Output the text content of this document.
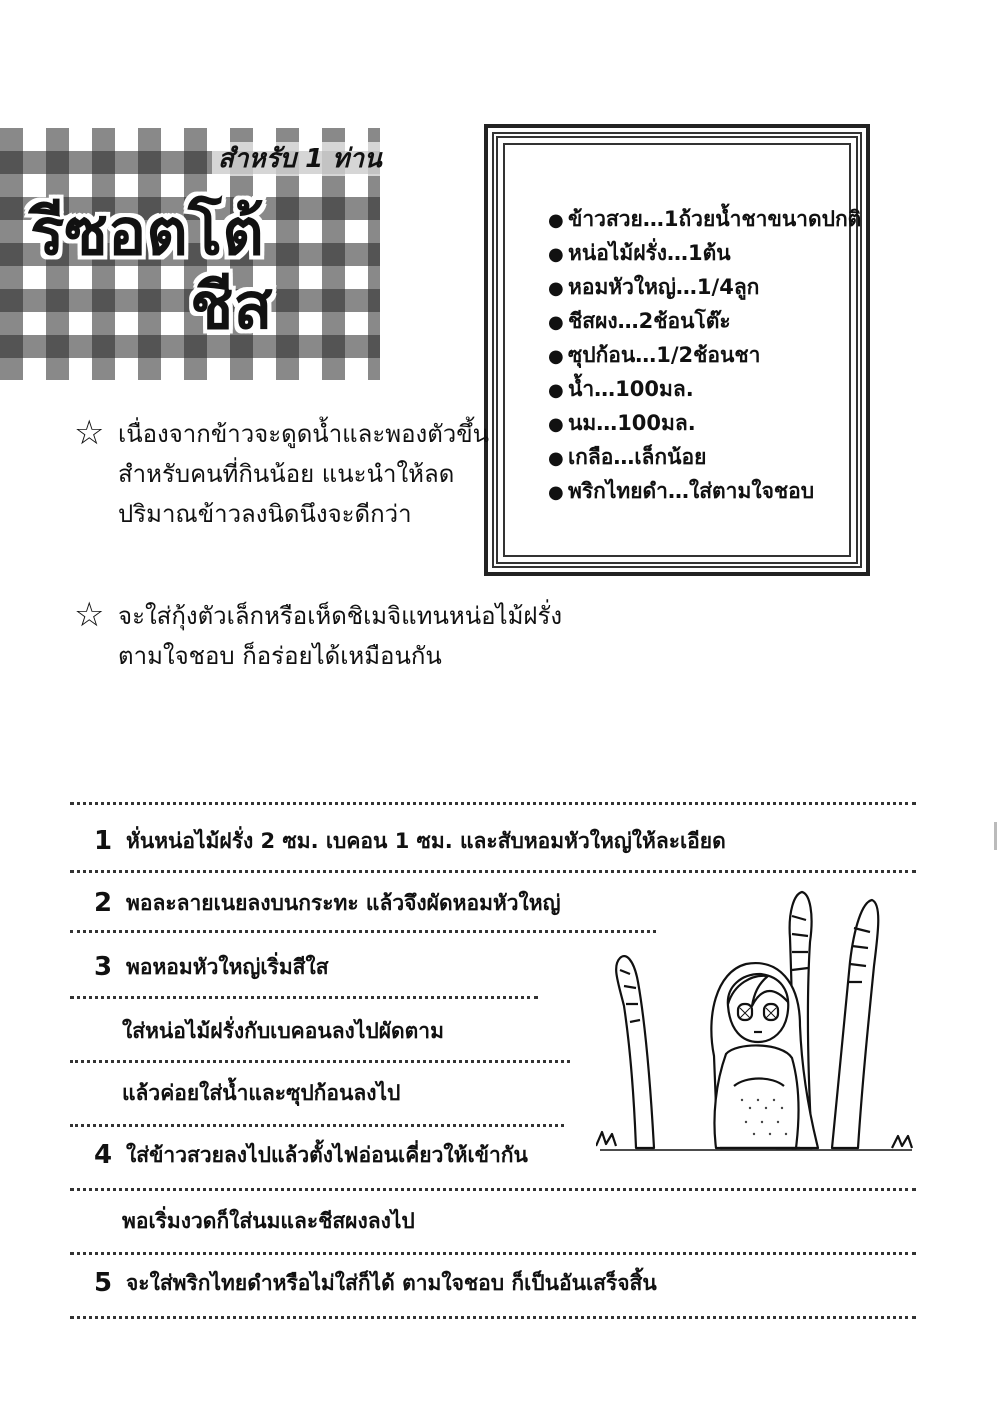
สำหรับ 1 ท่าน
รีซอตโต้
ชีส
● ข้าวสวย…1ถ้วยน้ำชาขนาดปกติ
● หน่อไม้ฝรั่ง…1ต้น
● หอมหัวใหญ่…1/4ลูก
● ชีสผง…2ช้อนโต๊ะ
● ซุปก้อน…1/2ช้อนชา
● น้ำ…100มล.
● นม…100มล.
● เกลือ…เล็กน้อย
● พริกไทยดำ…ใส่ตามใจชอบ
☆ เนื่องจากข้าวจะดูดน้ำและพองตัวขึ้น
สำหรับคนที่กินน้อย แนะนำให้ลด
ปริมาณข้าวลงนิดนึงจะดีกว่า
☆ จะใส่กุ้งตัวเล็กหรือเห็ดชิเมจิแทนหน่อไม้ฝรั่ง
ตามใจชอบ ก็อร่อยได้เหมือนกัน
1 หั่นหน่อไม้ฝรั่ง 2 ซม. เบคอน 1 ซม. และสับหอมหัวใหญ่ให้ละเอียด
2 พอละลายเนยลงบนกระทะ แล้วจึงผัดหอมหัวใหญ่
3 พอหอมหัวใหญ่เริ่มสีใส
ใส่หน่อไม้ฝรั่งกับเบคอนลงไปผัดตาม
แล้วค่อยใส่น้ำและซุปก้อนลงไป
4 ใส่ข้าวสวยลงไปแล้วตั้งไฟอ่อนเคี่ยวให้เข้ากัน
พอเริ่มงวดก็ใส่นมและชีสผงลงไป
5 จะใส่พริกไทยดำหรือไม่ใส่ก็ได้ ตามใจชอบ ก็เป็นอันเสร็จสิ้น
